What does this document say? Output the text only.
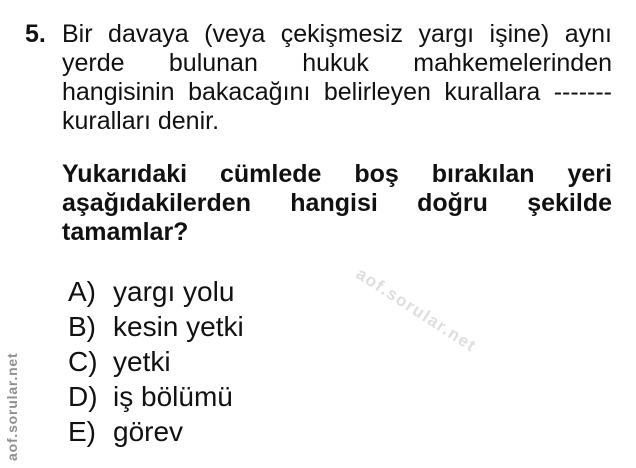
aof.sorular.net
aof.sorular.net
5. Bir davaya (veya çekişmesiz yargı işine) aynı
yerde bulunan hukuk mahkemelerinden
hangisinin bakacağını belirleyen kurallara -------
kuralları denir.
Yukarıdaki cümlede boş bırakılan yeri
aşağıdakilerden hangisi doğru şekilde
tamamlar?
A) yargı yolu
B) kesin yetki
C) yetki
D) iş bölümü
E) görev
